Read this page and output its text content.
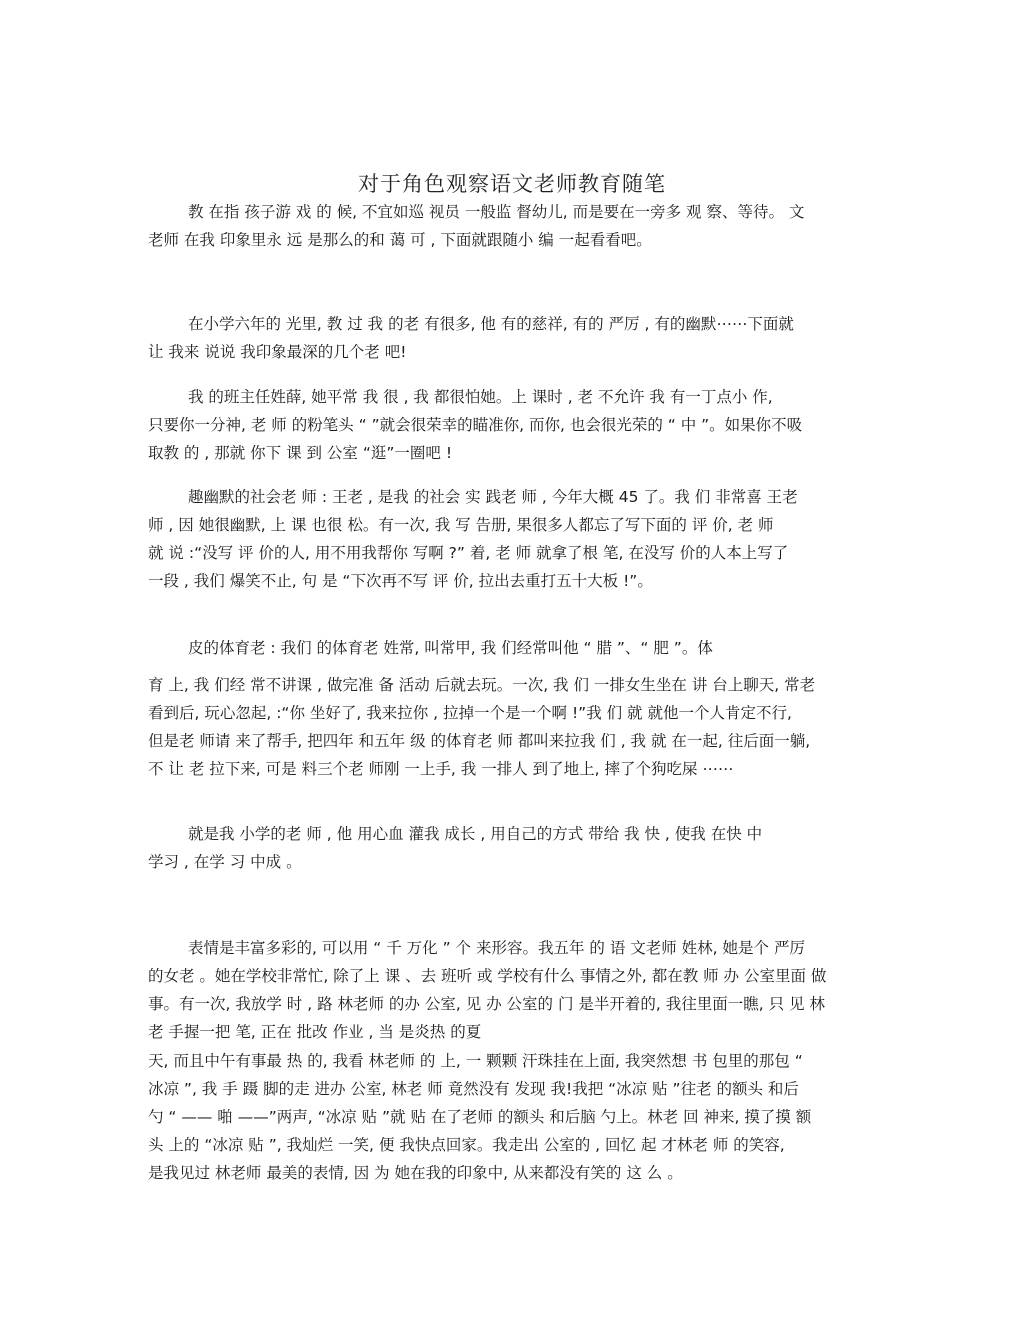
对于角色观察语文老师教育随笔
教 在指 孩子游 戏 的 候, 不宜如巡 视员 一般监 督幼儿, 而是要在一旁多 观 察、等待。 文
老师 在我 印象里永 远 是那么的和 蔼 可 , 下面就跟随小 编 一起看看吧。
在小学六年的 光里, 教 过 我 的老 有很多, 他 有的慈祥, 有的 严厉 , 有的幽默⋯⋯下面就
让 我来 说说 我印象最深的几个老 吧!
我 的班主任姓薛, 她平常 我 很 , 我 都很怕她。上 课时 , 老 不允许 我 有一丁点小 作,
只要你一分神, 老 师 的粉笔头 “ ”就会很荣幸的瞄准你, 而你, 也会很光荣的 “ 中 ”。如果你不吸
取教 的 , 那就 你下 课 到 公室 “逛”一圈吧 !
趣幽默的社会老 师 : 王老 , 是我 的社会 实 践老 师 , 今年大概 45 了。我 们 非常喜 王老
师 , 因 她很幽默, 上 课 也很 松。有一次, 我 写 告册, 果很多人都忘了写下面的 评 价, 老 师
就 说 :“没写 评 价的人, 用不用我帮你 写啊 ?” 着, 老 师 就拿了根 笔, 在没写 价的人本上写了
一段 , 我们 爆笑不止, 句 是 “下次再不写 评 价, 拉出去重打五十大板 !”。
皮的体育老 : 我们 的体育老 姓常, 叫常甲, 我 们经常叫他 “ 腊 ”、“ 肥 ”。体
育 上, 我 们经 常不讲课 , 做完准 备 活动 后就去玩。一次, 我 们 一排女生坐在 讲 台上聊天, 常老
看到后, 玩心忽起, :“你 坐好了, 我来拉你 , 拉掉一个是一个啊 !”我 们 就 就他一个人肯定不行,
但是老 师请 来了帮手, 把四年 和五年 级 的体育老 师 都叫来拉我 们 , 我 就 在一起, 往后面一躺,
不 让 老 拉下来, 可是 料三个老 师刚 一上手, 我 一排人 到了地上, 摔了个狗吃屎 ⋯⋯
就是我 小学的老 师 , 他 用心血 灌我 成长 , 用自己的方式 带给 我 快 , 使我 在快 中
学习 , 在学 习 中成 。
表情是丰富多彩的, 可以用 “ 千 万化 ” 个 来形容。我五年 的 语 文老师 姓林, 她是个 严厉
的女老 。她在学校非常忙, 除了上 课 、去 班听 或 学校有什么 事情之外, 都在教 师 办 公室里面 做
事。有一次, 我放学 时 , 路 林老师 的办 公室, 见 办 公室的 门 是半开着的, 我往里面一瞧, 只 见 林
老 手握一把 笔, 正在 批改 作业 , 当 是炎热 的夏
天, 而且中午有事最 热 的, 我看 林老师 的 上, 一 颗颗 汗珠挂在上面, 我突然想 书 包里的那包 “
冰凉 ”, 我 手 蹑 脚的走 进办 公室, 林老 师 竟然没有 发现 我!我把 “冰凉 贴 ”往老 的额头 和后
勺 “ —— 啪 ——”两声, “冰凉 贴 ”就 贴 在了老师 的额头 和后脑 勺上。林老 回 神来, 摸了摸 额
头 上的 “冰凉 贴 ”, 我灿烂 一笑, 便 我快点回家。我走出 公室的 , 回忆 起 才林老 师 的笑容,
是我见过 林老师 最美的表情, 因 为 她在我的印象中, 从来都没有笑的 这 么 。
